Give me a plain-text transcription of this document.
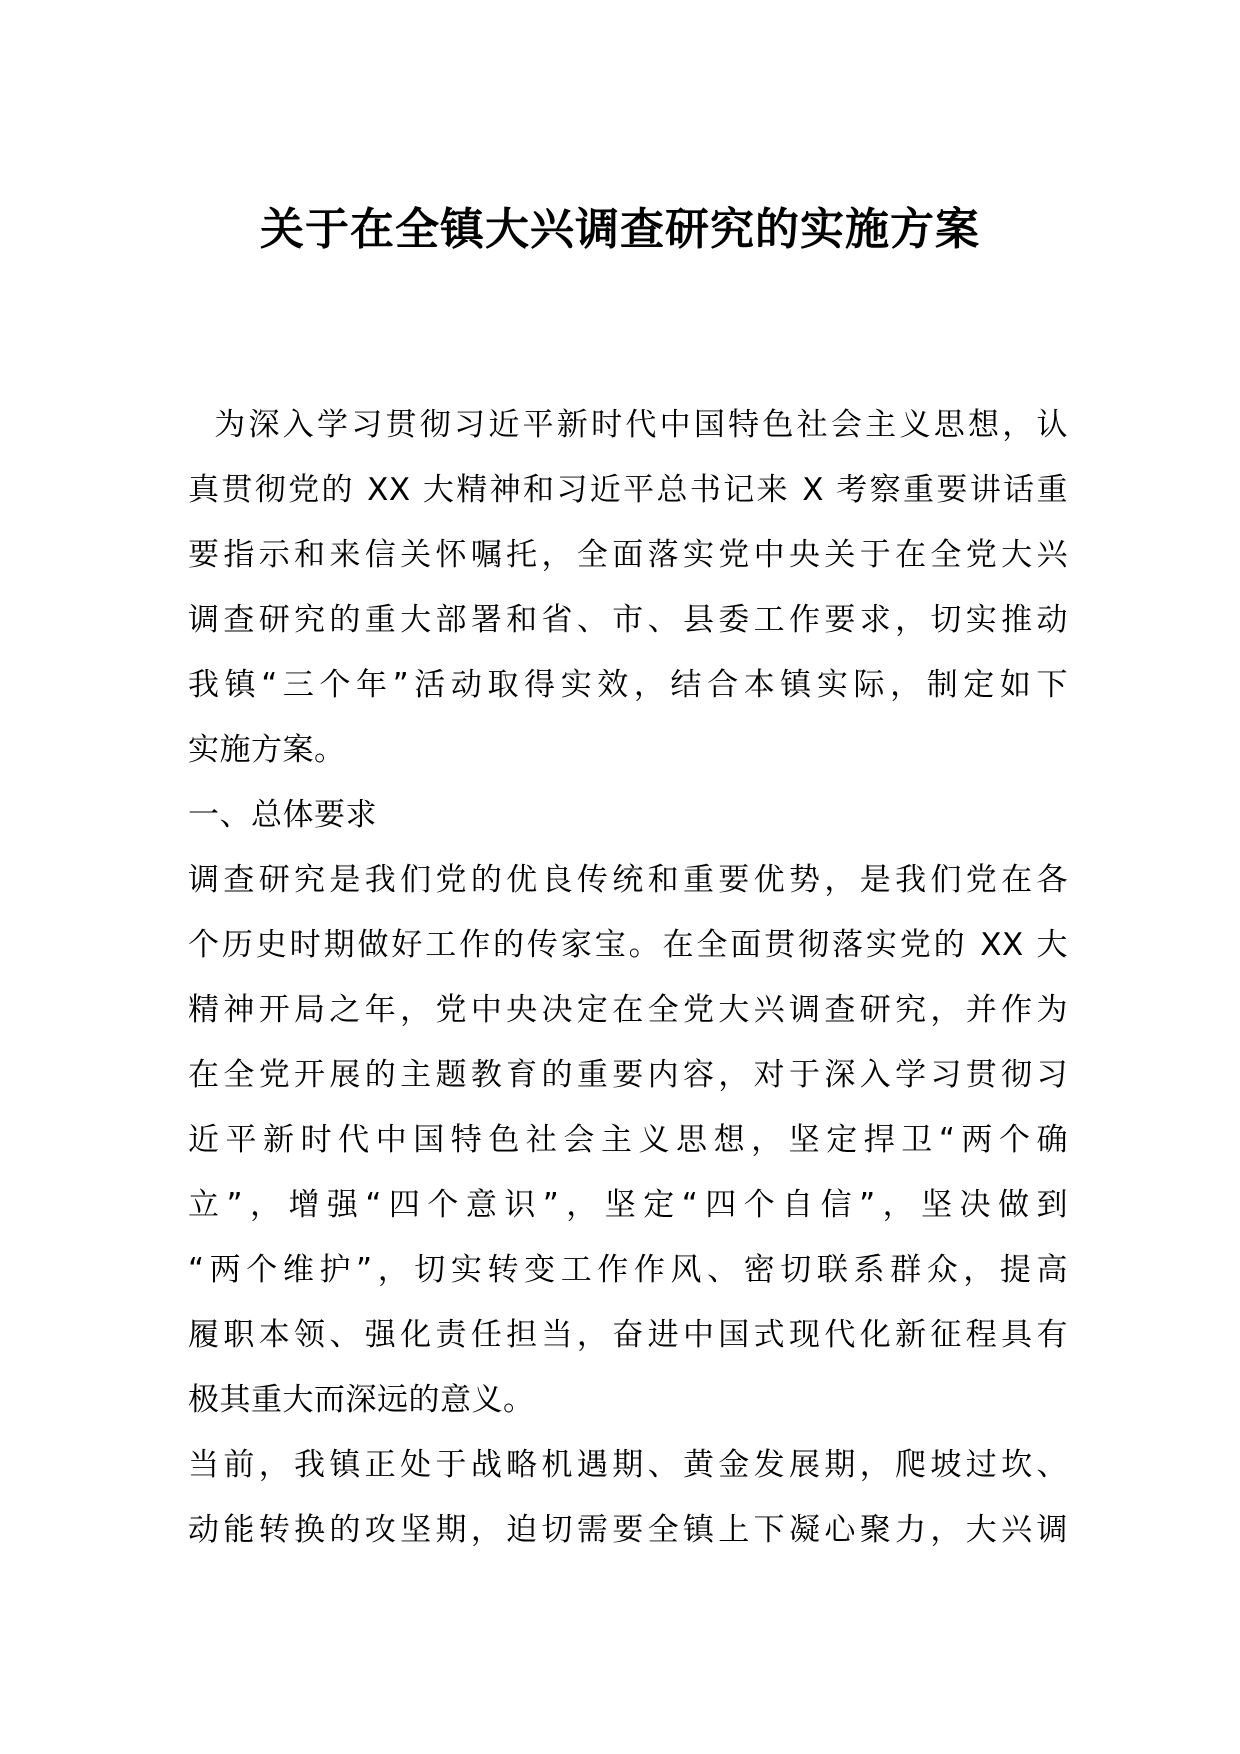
关于在全镇大兴调查研究的实施方案
为深入学习贯彻习近平新时代中国特色社会主义思想，认
真贯彻党的 XX 大精神和习近平总书记来 X 考察重要讲话重
要指示和来信关怀嘱托，全面落实党中央关于在全党大兴
调查研究的重大部署和省、市、县委工作要求，切实推动
我镇“三个年”活动取得实效，结合本镇实际，制定如下
实施方案。
一、总体要求
调查研究是我们党的优良传统和重要优势，是我们党在各
个历史时期做好工作的传家宝。在全面贯彻落实党的 XX 大
精神开局之年，党中央决定在全党大兴调查研究，并作为
在全党开展的主题教育的重要内容，对于深入学习贯彻习
近平新时代中国特色社会主义思想，坚定捍卫“两个确
立”，增强“四个意识”，坚定“四个自信”，坚决做到
“两个维护”，切实转变工作作风、密切联系群众，提高
履职本领、强化责任担当，奋进中国式现代化新征程具有
极其重大而深远的意义。
当前，我镇正处于战略机遇期、黄金发展期，爬坡过坎、
动能转换的攻坚期，迫切需要全镇上下凝心聚力，大兴调
